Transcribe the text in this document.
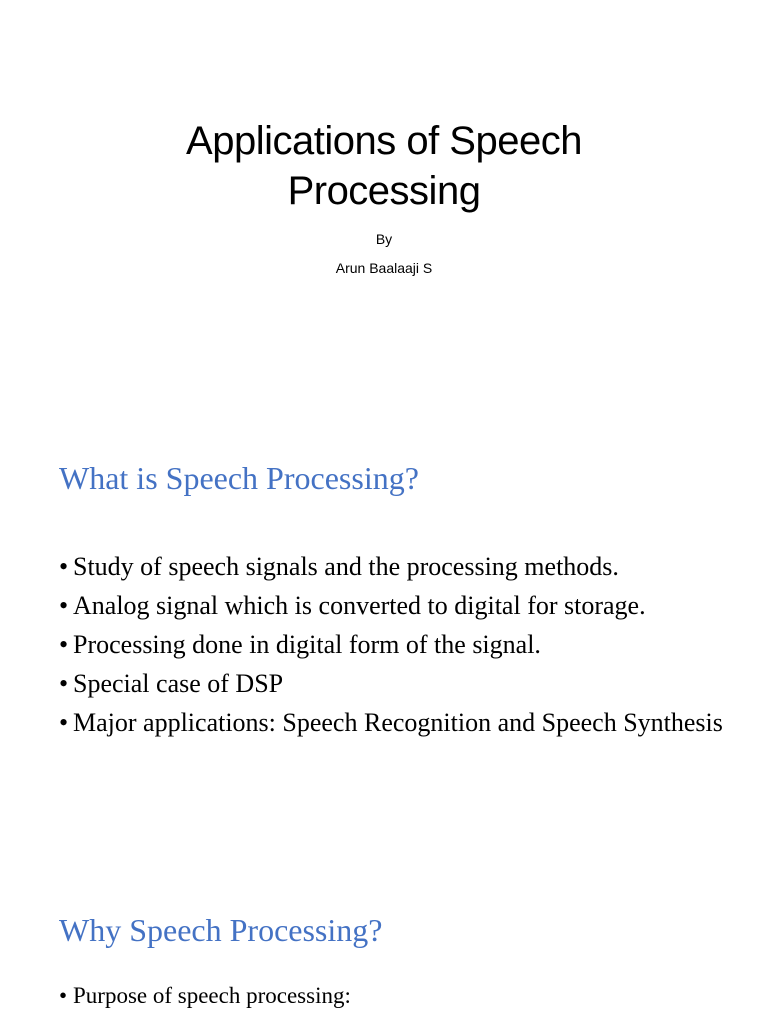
Applications of Speech
Processing
By
Arun Baalaaji S
What is Speech Processing?
• Study of speech signals and the processing methods.
• Analog signal which is converted to digital for storage.
• Processing done in digital form of the signal.
• Special case of DSP
• Major applications: Speech Recognition and Speech Synthesis
Why Speech Processing?
• Purpose of speech processing:
